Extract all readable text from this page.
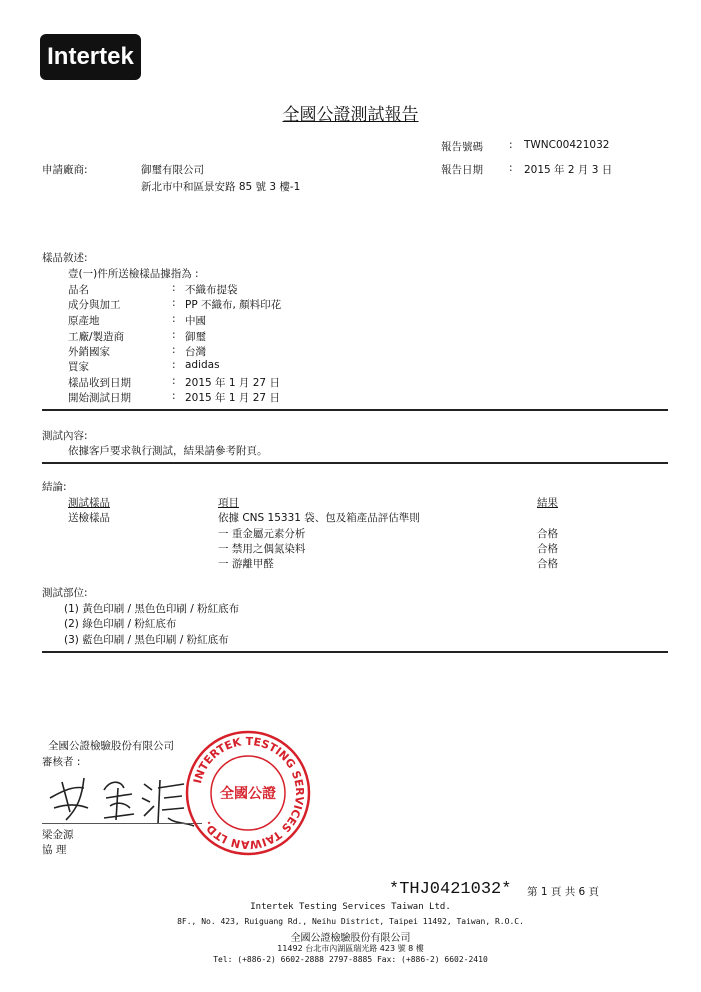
Intertek
全國公證測試報告
報告號碼 : TWNC00421032
報告日期 : 2015 年 2 月 3 日
申請廠商:	御璽有限公司
新北市中和區景安路 85 號 3 樓-1
樣品敘述:
壹(一)件所送檢樣品據指為 :
品名	: 不織布提袋
成分與加工	: PP 不織布, 顏料印花
原產地	: 中國
工廠/製造商	: 御璽
外銷國家	: 台灣
買家	: adidas
樣品收到日期	: 2015 年 1 月 27 日
開始測試日期	: 2015 年 1 月 27 日
測試內容:
依據客戶要求執行測試，結果請參考附頁。
結論:
測試樣品	項目	結果
送檢樣品	依據 CNS 15331 袋、包及箱產品評估準則
一 重金屬元素分析	合格
一 禁用之偶氮染料	合格
一 游離甲醛	合格
測試部位:
(1) 黃色印刷 / 黑色色印刷 / 粉紅底布
(2) 綠色印刷 / 粉紅底布
(3) 藍色印刷 / 黑色印刷 / 粉紅底布
全國公證檢驗股份有限公司
審核者 :
梁金源
協 理
INTERTEK TESTING SERVICES TAIWAN LTD.
全國公證
*THJ0421032* 第 1 頁 共 6 頁
Intertek Testing Services Taiwan Ltd.
8F., No. 423, Ruiguang Rd., Neihu District, Taipei 11492, Taiwan, R.O.C.
全國公證檢驗股份有限公司
11492 台北市內湖區瑞光路 423 號 8 樓
Tel: (+886-2) 6602-2888 2797-8885 Fax: (+886-2) 6602-2410
